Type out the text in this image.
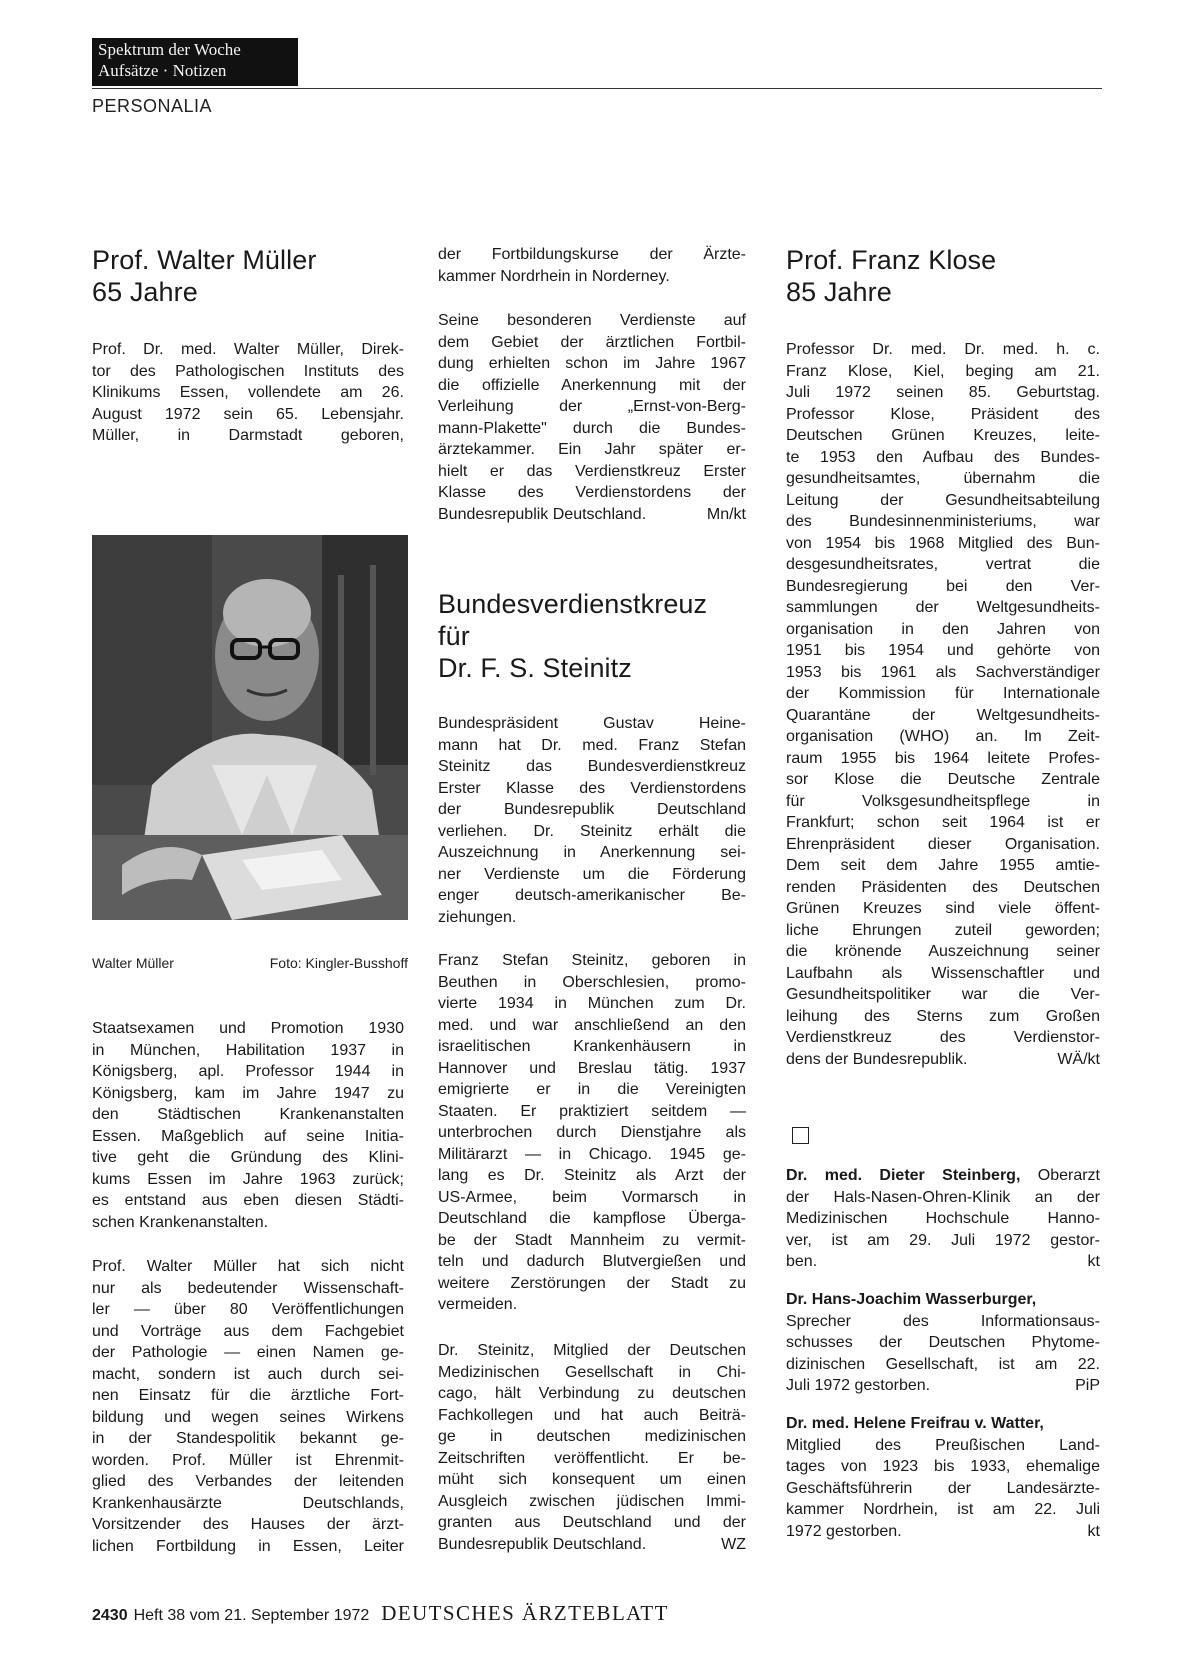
Spektrum der Woche
Aufsätze · Notizen
PERSONALIA
Prof. Walter Müller
65 Jahre
Prof. Dr. med. Walter Müller, Direk-
tor des Pathologischen Instituts des
Klinikums Essen, vollendete am 26.
August 1972 sein 65. Lebensjahr.
Müller, in Darmstadt geboren,
Walter Müller	Foto: Kingler-Busshoff
Staatsexamen und Promotion 1930
in München, Habilitation 1937 in
Königsberg, apl. Professor 1944 in
Königsberg, kam im Jahre 1947 zu
den Städtischen Krankenanstalten
Essen. Maßgeblich auf seine Initia-
tive geht die Gründung des Klini-
kums Essen im Jahre 1963 zurück;
es entstand aus eben diesen Städti-
schen Krankenanstalten.
Prof. Walter Müller hat sich nicht
nur als bedeutender Wissenschaft-
ler — über 80 Veröffentlichungen
und Vorträge aus dem Fachgebiet
der Pathologie — einen Namen ge-
macht, sondern ist auch durch sei-
nen Einsatz für die ärztliche Fort-
bildung und wegen seines Wirkens
in der Standespolitik bekannt ge-
worden. Prof. Müller ist Ehrenmit-
glied des Verbandes der leitenden
Krankenhausärzte Deutschlands,
Vorsitzender des Hauses der ärzt-
lichen Fortbildung in Essen, Leiter
der Fortbildungskurse der Ärzte-
kammer Nordrhein in Norderney.
Seine besonderen Verdienste auf
dem Gebiet der ärztlichen Fortbil-
dung erhielten schon im Jahre 1967
die offizielle Anerkennung mit der
Verleihung der „Ernst-von-Berg-
mann-Plakette" durch die Bundes-
ärztekammer. Ein Jahr später er-
hielt er das Verdienstkreuz Erster
Klasse des Verdienstordens der
Bundesrepublik Deutschland.	Mn/kt
Bundesverdienstkreuz
für
Dr. F. S. Steinitz
Bundespräsident Gustav Heine-
mann hat Dr. med. Franz Stefan
Steinitz das Bundesverdienstkreuz
Erster Klasse des Verdienstordens
der Bundesrepublik Deutschland
verliehen. Dr. Steinitz erhält die
Auszeichnung in Anerkennung sei-
ner Verdienste um die Förderung
enger deutsch-amerikanischer Be-
ziehungen.
Franz Stefan Steinitz, geboren in
Beuthen in Oberschlesien, promo-
vierte 1934 in München zum Dr.
med. und war anschließend an den
israelitischen Krankenhäusern in
Hannover und Breslau tätig. 1937
emigrierte er in die Vereinigten
Staaten. Er praktiziert seitdem —
unterbrochen durch Dienstjahre als
Militärarzt — in Chicago. 1945 ge-
lang es Dr. Steinitz als Arzt der
US-Armee, beim Vormarsch in
Deutschland die kampflose Übergа-
be der Stadt Mannheim zu vermit-
teln und dadurch Blutvergießen und
weitere Zerstörungen der Stadt zu
vermeiden.
Dr. Steinitz, Mitglied der Deutschen
Medizinischen Gesellschaft in Chi-
cago, hält Verbindung zu deutschen
Fachkollegen und hat auch Beiträ-
ge in deutschen medizinischen
Zeitschriften veröffentlicht. Er be-
müht sich konsequent um einen
Ausgleich zwischen jüdischen Immi-
granten aus Deutschland und der
Bundesrepublik Deutschland.	WZ
Prof. Franz Klose
85 Jahre
Professor Dr. med. Dr. med. h. c.
Franz Klose, Kiel, beging am 21.
Juli 1972 seinen 85. Geburtstag.
Professor Klose, Präsident des
Deutschen Grünen Kreuzes, leite-
te 1953 den Aufbau des Bundes-
gesundheitsamtes, übernahm die
Leitung der Gesundheitsabteilung
des Bundesinnenministeriums, war
von 1954 bis 1968 Mitglied des Bun-
desgesundheitsrates, vertrat die
Bundesregierung bei den Ver-
sammlungen der Weltgesundheits-
organisation in den Jahren von
1951 bis 1954 und gehörte von
1953 bis 1961 als Sachverständiger
der Kommission für Internationale
Quarantäne der Weltgesundheits-
organisation (WHO) an. Im Zeit-
raum 1955 bis 1964 leitete Profes-
sor Klose die Deutsche Zentrale
für Volksgesundheitspflege in
Frankfurt; schon seit 1964 ist er
Ehrenpräsident dieser Organisation.
Dem seit dem Jahre 1955 amtie-
renden Präsidenten des Deutschen
Grünen Kreuzes sind viele öffent-
liche Ehrungen zuteil geworden;
die krönende Auszeichnung seiner
Laufbahn als Wissenschaftler und
Gesundheitspolitiker war die Ver-
leihung des Sterns zum Großen
Verdienstkreuz des Verdienstor-
dens der Bundesrepublik.	WÄ/kt
Dr. med. Dieter Steinberg, Oberarzt
der Hals-Nasen-Ohren-Klinik an der
Medizinischen Hochschule Hanno-
ver, ist am 29. Juli 1972 gestor-
ben.	kt
Dr. Hans-Joachim Wasserburger,
Sprecher des Informationsaus-
schusses der Deutschen Phytome-
dizinischen Gesellschaft, ist am 22.
Juli 1972 gestorben.	PiP
Dr. med. Helene Freifrau v. Watter,
Mitglied des Preußischen Land-
tages von 1923 bis 1933, ehemalige
Geschäftsführerin der Landesärzte-
kammer Nordrhein, ist am 22. Juli
1972 gestorben.	kt
2430 Heft 38 vom 21. September 1972 DEUTSCHES ÄRZTEBLATT
